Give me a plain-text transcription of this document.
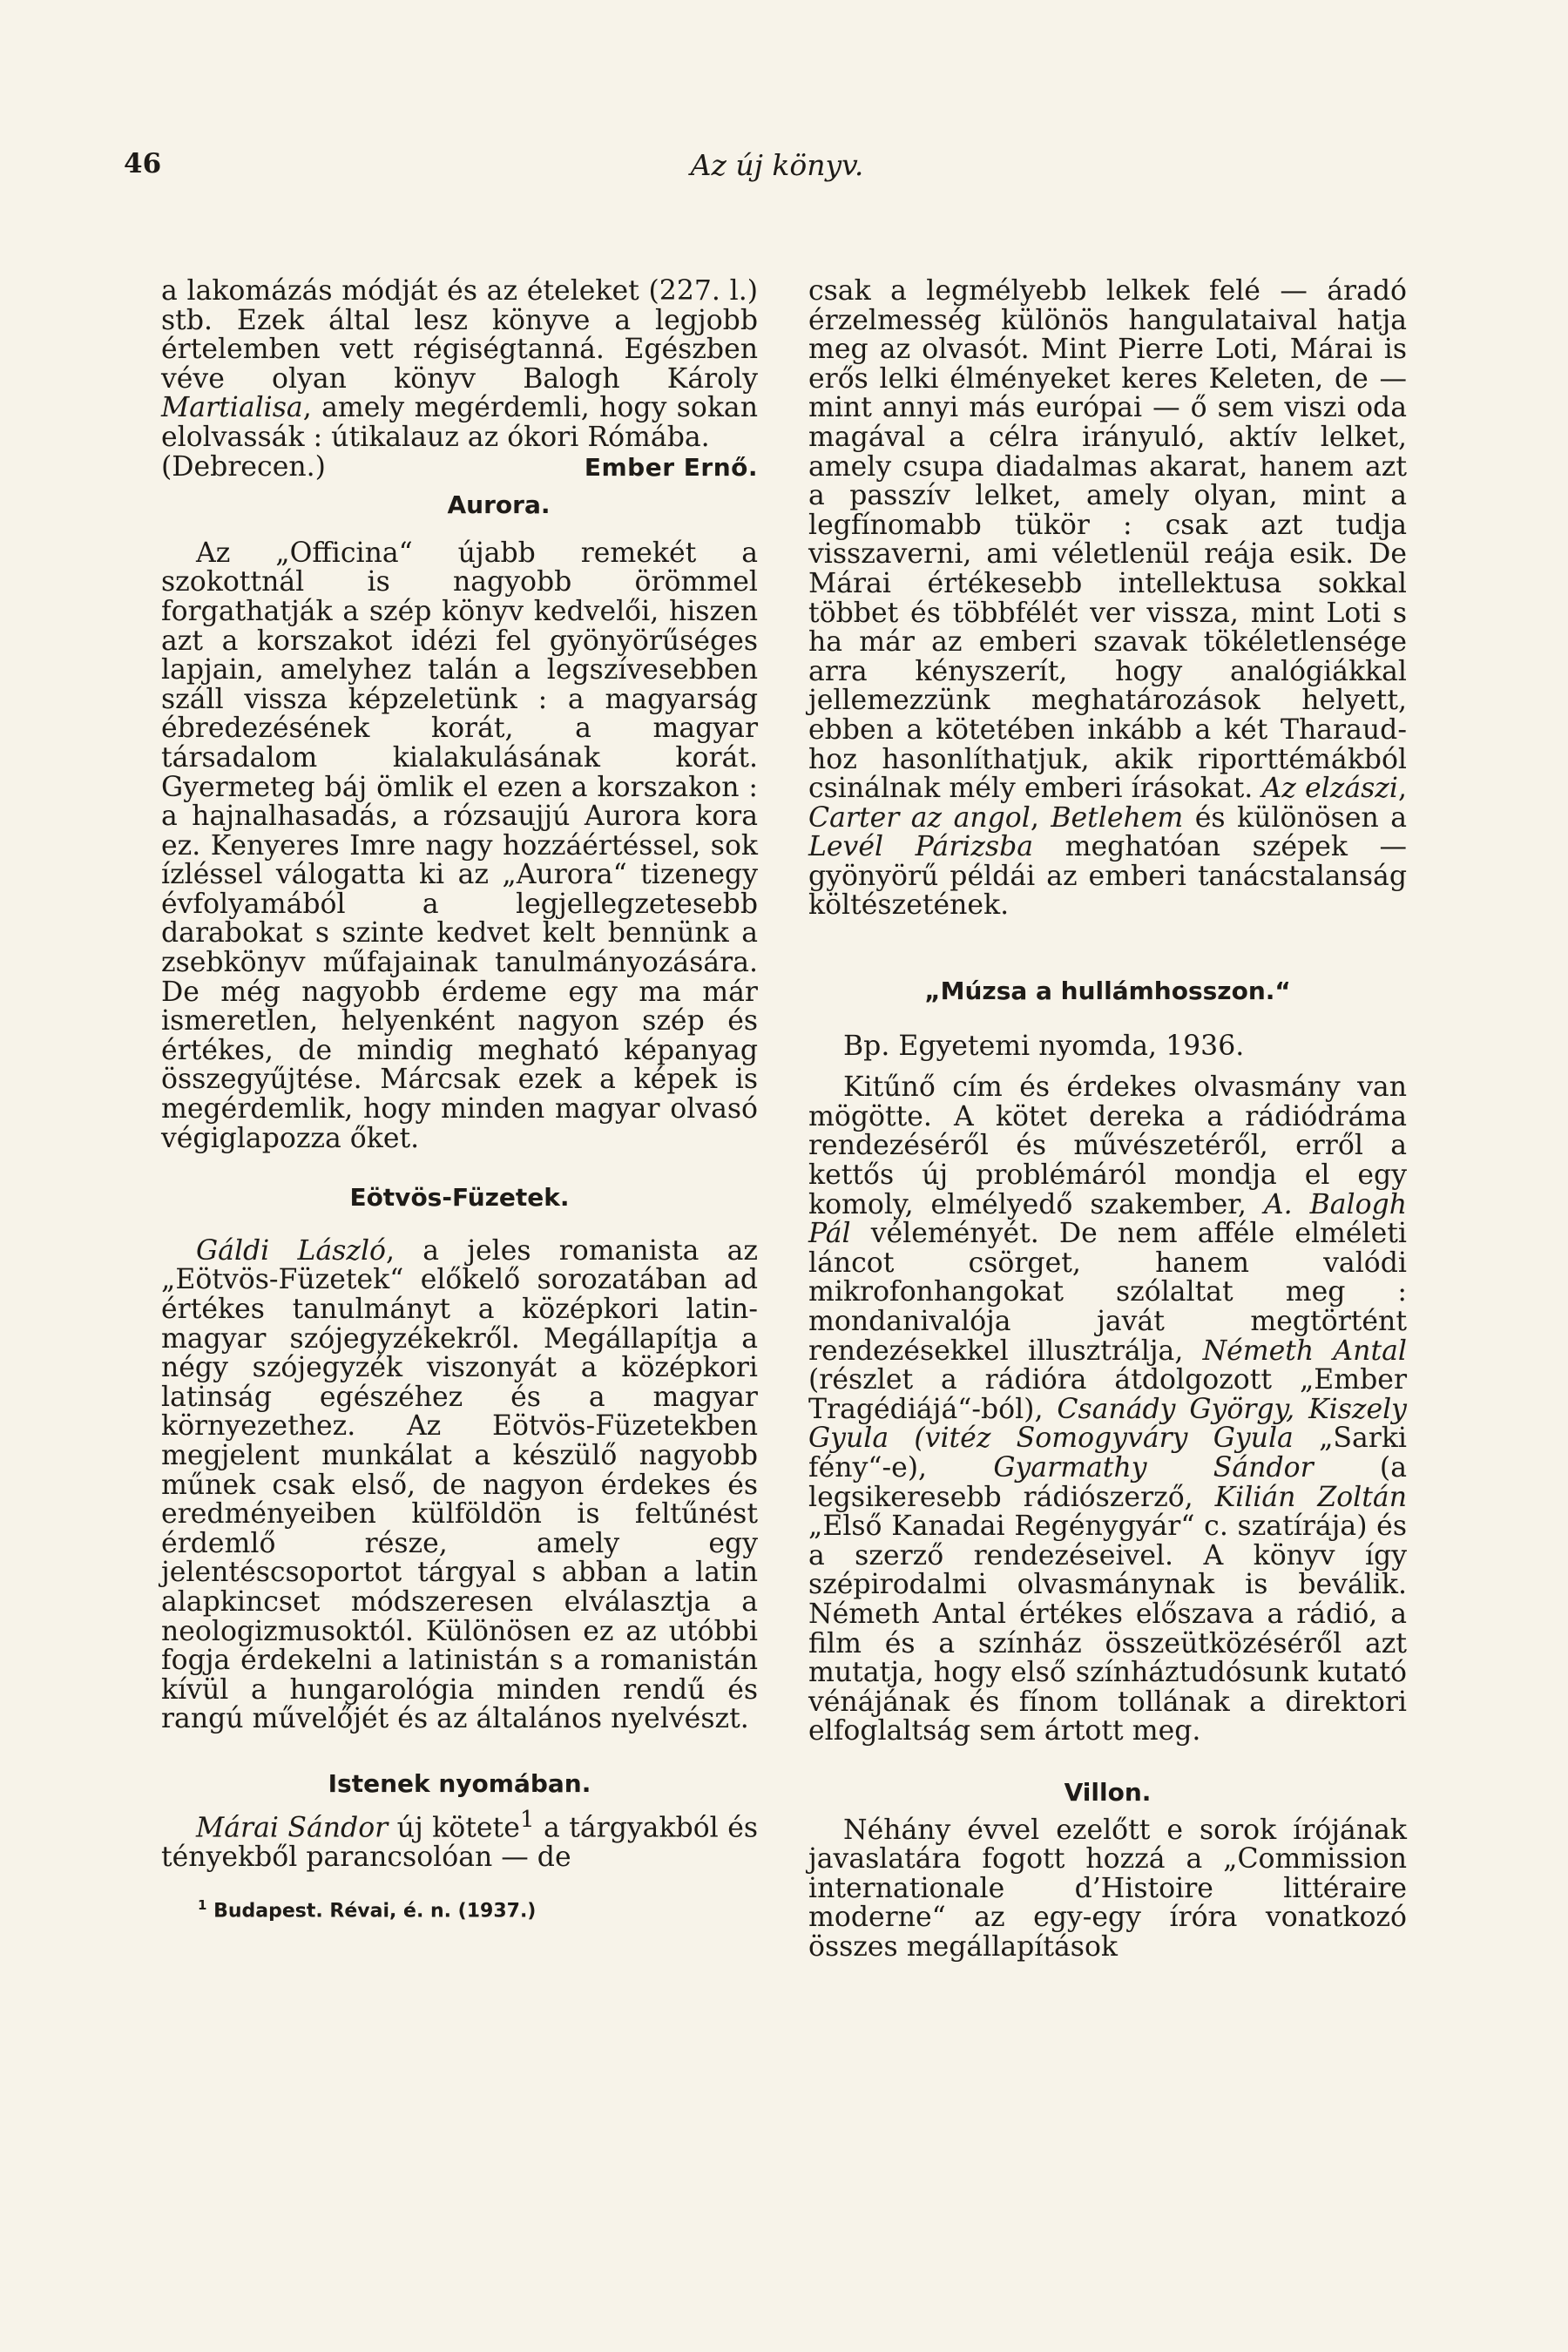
46	Az új könyv.

a lakomázás módját és az ételeket (227. l.) stb. Ezek által lesz könyve a legjobb értelemben vett régiségtanná. Egészben véve olyan könyv Balogh Károly Martialisa, amely megérdemli, hogy sokan elolvassák : útikalauz az ókori Rómába.

(Debrecen.)	Ember Ernő.

Aurora.

Az „Officina“ újabb remekét a szokottnál is nagyobb örömmel forgathatják a szép könyv kedvelői, hiszen azt a korszakot idézi fel gyönyörűséges lapjain, amelyhez talán a legszívesebben száll vissza képzeletünk : a magyarság ébredezésének korát, a magyar társadalom kialakulásának korát. Gyermeteg báj ömlik el ezen a korszakon : a hajnalhasadás, a rózsaujjú Aurora kora ez. Kenyeres Imre nagy hozzáértéssel, sok ízléssel válogatta ki az „Aurora“ tizenegy évfolyamából a legjellegzetesebb darabokat s szinte kedvet kelt bennünk a zsebkönyv műfajainak tanulmányozására. De még nagyobb érdeme egy ma már ismeretlen, helyenként nagyon szép és értékes, de mindig megható képanyag összegyűjtése. Márcsak ezek a képek is megérdemlik, hogy minden magyar olvasó végiglapozza őket.

Eötvös-Füzetek.

Gáldi László, a jeles romanista az „Eötvös-Füzetek“ előkelő sorozatában ad értékes tanulmányt a középkori latin-magyar szójegyzékekről. Megállapítja a négy szójegyzék viszonyát a középkori latinság egészéhez és a magyar környezethez. Az Eötvös-Füzetekben megjelent munkálat a készülő nagyobb műnek csak első, de nagyon érdekes és eredményeiben külföldön is feltűnést érdemlő része, amely egy jelentéscsoportot tárgyal s abban a latin alapkincset módszeresen elválasztja a neologizmusoktól. Különösen ez az utóbbi fogja érdekelni a latinistán s a romanistán kívül a hungarológia minden rendű és rangú művelőjét és az általános nyelvészt.

Istenek nyomában.

Márai Sándor új kötete$^1$ a tárgyakból és tényekből parancsolóan — de

$^1$ Budapest. Révai, é. n. (1937.)

csak a legmélyebb lelkek felé — áradó érzelmesség különös hangulataival hatja meg az olvasót. Mint Pierre Loti, Márai is erős lelki élményeket keres Keleten, de — mint annyi más európai — ő sem viszi oda magával a célra irányuló, aktív lelket, amely csupa diadalmas akarat, hanem azt a passzív lelket, amely olyan, mint a legfínomabb tükör : csak azt tudja visszaverni, ami véletlenül reája esik. De Márai értékesebb intellektusa sokkal többet és többfélét ver vissza, mint Loti s ha már az emberi szavak tökéletlensége arra kényszerít, hogy analógiákkal jellemezzünk meghatározások helyett, ebben a kötetében inkább a két Tharaud-hoz hasonlíthatjuk, akik riporttémákból csinálnak mély emberi írásokat. Az elzászi, Carter az angol, Betlehem és különösen a Levél Párizsba meghatóan szépek — gyönyörű példái az emberi tanácstalanság költészetének.

„Múzsa a hullámhosszon.“

Bp. Egyetemi nyomda, 1936.

Kitűnő cím és érdekes olvasmány van mögötte. A kötet dereka a rádiódráma rendezéséről és művészetéről, erről a kettős új problémáról mondja el egy komoly, elmélyedő szakember, A. Balogh Pál véleményét. De nem afféle elméleti láncot csörget, hanem valódi mikrofonhangokat szólaltat meg : mondanivalója javát megtörtént rendezésekkel illusztrálja, Németh Antal (részlet a rádióra átdolgozott „Ember Tragédiájá“-ból), Csanády György, Kiszely Gyula (vitéz Somogyváry Gyula „Sarki fény“-e), Gyarmathy Sándor (a legsikeresebb rádiószerző, Kilián Zoltán „Első Kanadai Regénygyár“ c. szatírája) és a szerző rendezéseivel. A könyv így szépirodalmi olvasmánynak is beválik. Németh Antal értékes előszava a rádió, a film és a színház összeütközéséről azt mutatja, hogy első színháztudósunk kutató vénájának és fínom tollának a direktori elfoglaltság sem ártott meg.

Villon.

Néhány évvel ezelőtt e sorok írójának javaslatára fogott hozzá a „Commission internationale d’Histoire littéraire moderne“ az egy-egy íróra vonatkozó összes megállapítások
